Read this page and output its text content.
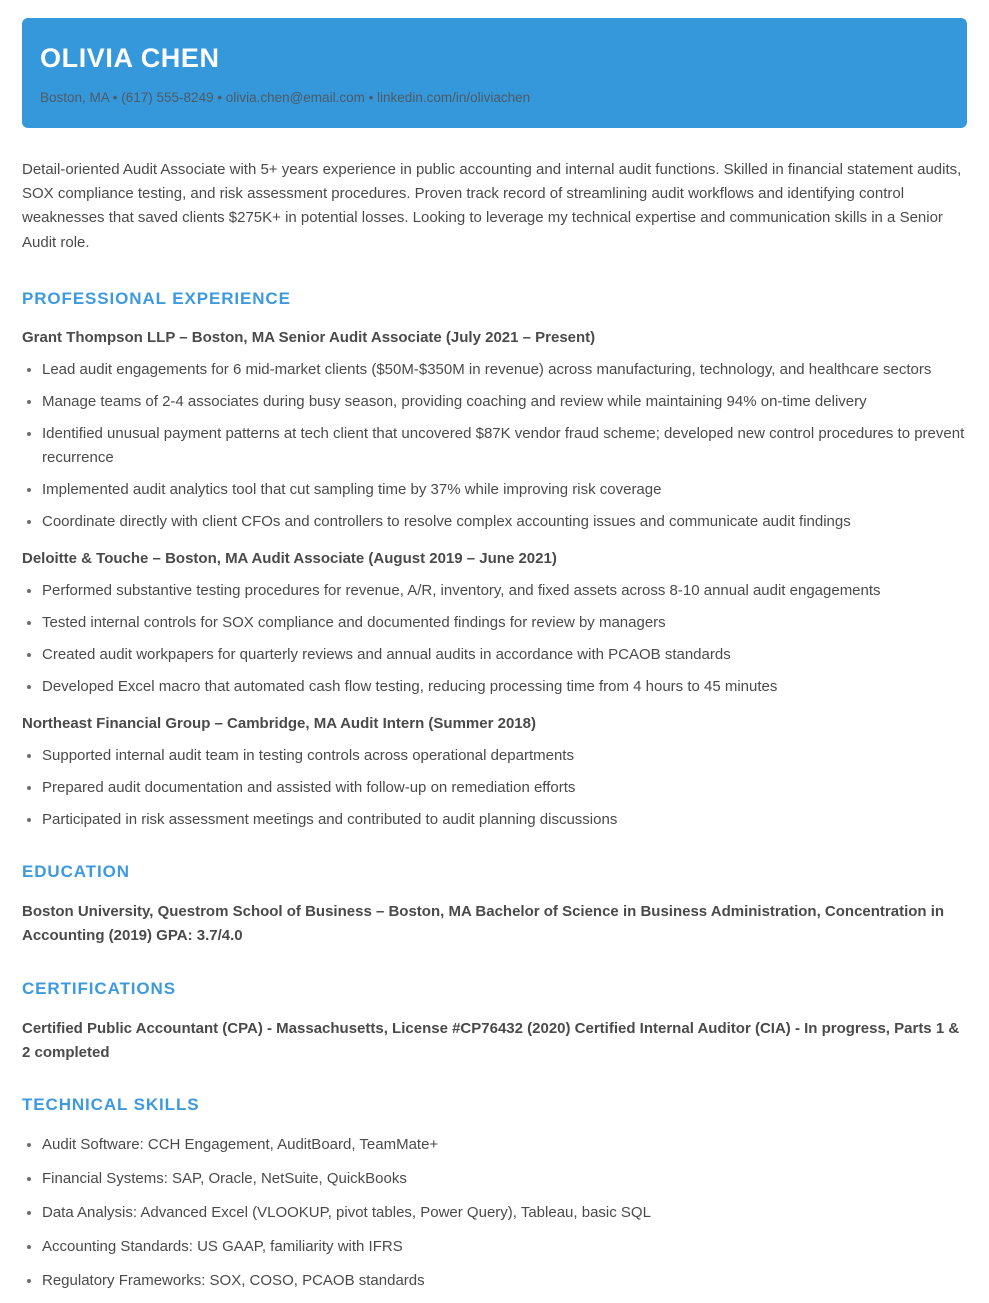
OLIVIA CHEN

Boston, MA • (617) 555-8249 • olivia.chen@email.com • linkedin.com/in/oliviachen

Detail-oriented Audit Associate with 5+ years experience in public accounting and internal audit functions. Skilled in financial statement audits, SOX compliance testing, and risk assessment procedures. Proven track record of streamlining audit workflows and identifying control weaknesses that saved clients $275K+ in potential losses. Looking to leverage my technical expertise and communication skills in a Senior Audit role.

PROFESSIONAL EXPERIENCE
Grant Thompson LLP – Boston, MA Senior Audit Associate (July 2021 – Present)
Lead audit engagements for 6 mid-market clients ($50M-$350M in revenue) across manufacturing, technology, and healthcare sectors
Manage teams of 2-4 associates during busy season, providing coaching and review while maintaining 94% on-time delivery
Identified unusual payment patterns at tech client that uncovered $87K vendor fraud scheme; developed new control procedures to prevent recurrence
Implemented audit analytics tool that cut sampling time by 37% while improving risk coverage
Coordinate directly with client CFOs and controllers to resolve complex accounting issues and communicate audit findings
Deloitte & Touche – Boston, MA Audit Associate (August 2019 – June 2021)
Performed substantive testing procedures for revenue, A/R, inventory, and fixed assets across 8-10 annual audit engagements
Tested internal controls for SOX compliance and documented findings for review by managers
Created audit workpapers for quarterly reviews and annual audits in accordance with PCAOB standards
Developed Excel macro that automated cash flow testing, reducing processing time from 4 hours to 45 minutes
Northeast Financial Group – Cambridge, MA Audit Intern (Summer 2018)
Supported internal audit team in testing controls across operational departments
Prepared audit documentation and assisted with follow-up on remediation efforts
Participated in risk assessment meetings and contributed to audit planning discussions
EDUCATION

Boston University, Questrom School of Business – Boston, MA Bachelor of Science in Business Administration, Concentration in Accounting (2019) GPA: 3.7/4.0

CERTIFICATIONS

Certified Public Accountant (CPA) - Massachusetts, License #CP76432 (2020) Certified Internal Auditor (CIA) - In progress, Parts 1 & 2 completed

TECHNICAL SKILLS
Audit Software: CCH Engagement, AuditBoard, TeamMate+
Financial Systems: SAP, Oracle, NetSuite, QuickBooks
Data Analysis: Advanced Excel (VLOOKUP, pivot tables, Power Query), Tableau, basic SQL
Accounting Standards: US GAAP, familiarity with IFRS
Regulatory Frameworks: SOX, COSO, PCAOB standards
